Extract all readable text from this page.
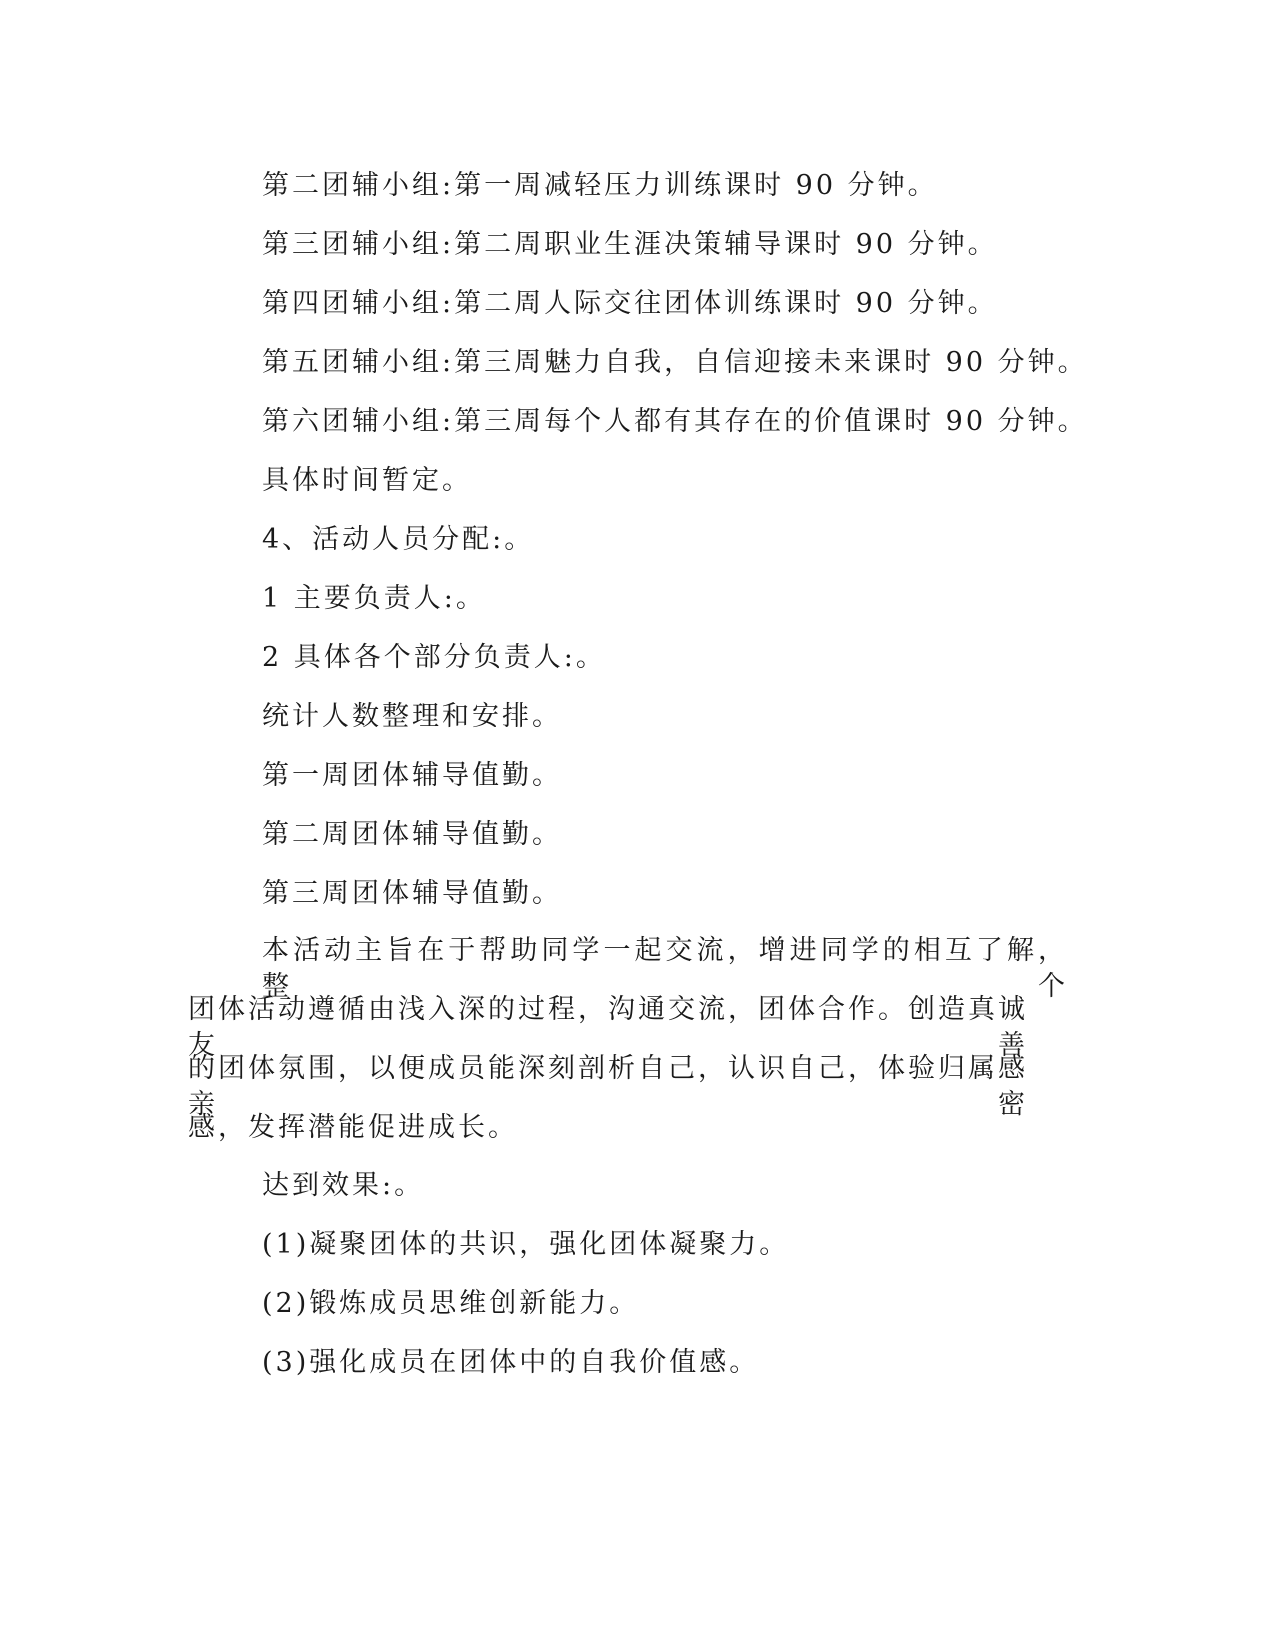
第二团辅小组:第一周减轻压力训练课时 90 分钟。
第三团辅小组:第二周职业生涯决策辅导课时 90 分钟。
第四团辅小组:第二周人际交往团体训练课时 90 分钟。
第五团辅小组:第三周魅力自我，自信迎接未来课时 90 分钟。
第六团辅小组:第三周每个人都有其存在的价值课时 90 分钟。
具体时间暂定。
4、活动人员分配:。
1 主要负责人:。
2 具体各个部分负责人:。
统计人数整理和安排。
第一周团体辅导值勤。
第二周团体辅导值勤。
第三周团体辅导值勤。
本活动主旨在于帮助同学一起交流，增进同学的相互了解，整个
团体活动遵循由浅入深的过程，沟通交流，团体合作。创造真诚友善
的团体氛围，以便成员能深刻剖析自己，认识自己，体验归属感亲密
感，发挥潜能促进成长。
达到效果:。
(1)凝聚团体的共识，强化团体凝聚力。
(2)锻炼成员思维创新能力。
(3)强化成员在团体中的自我价值感。
